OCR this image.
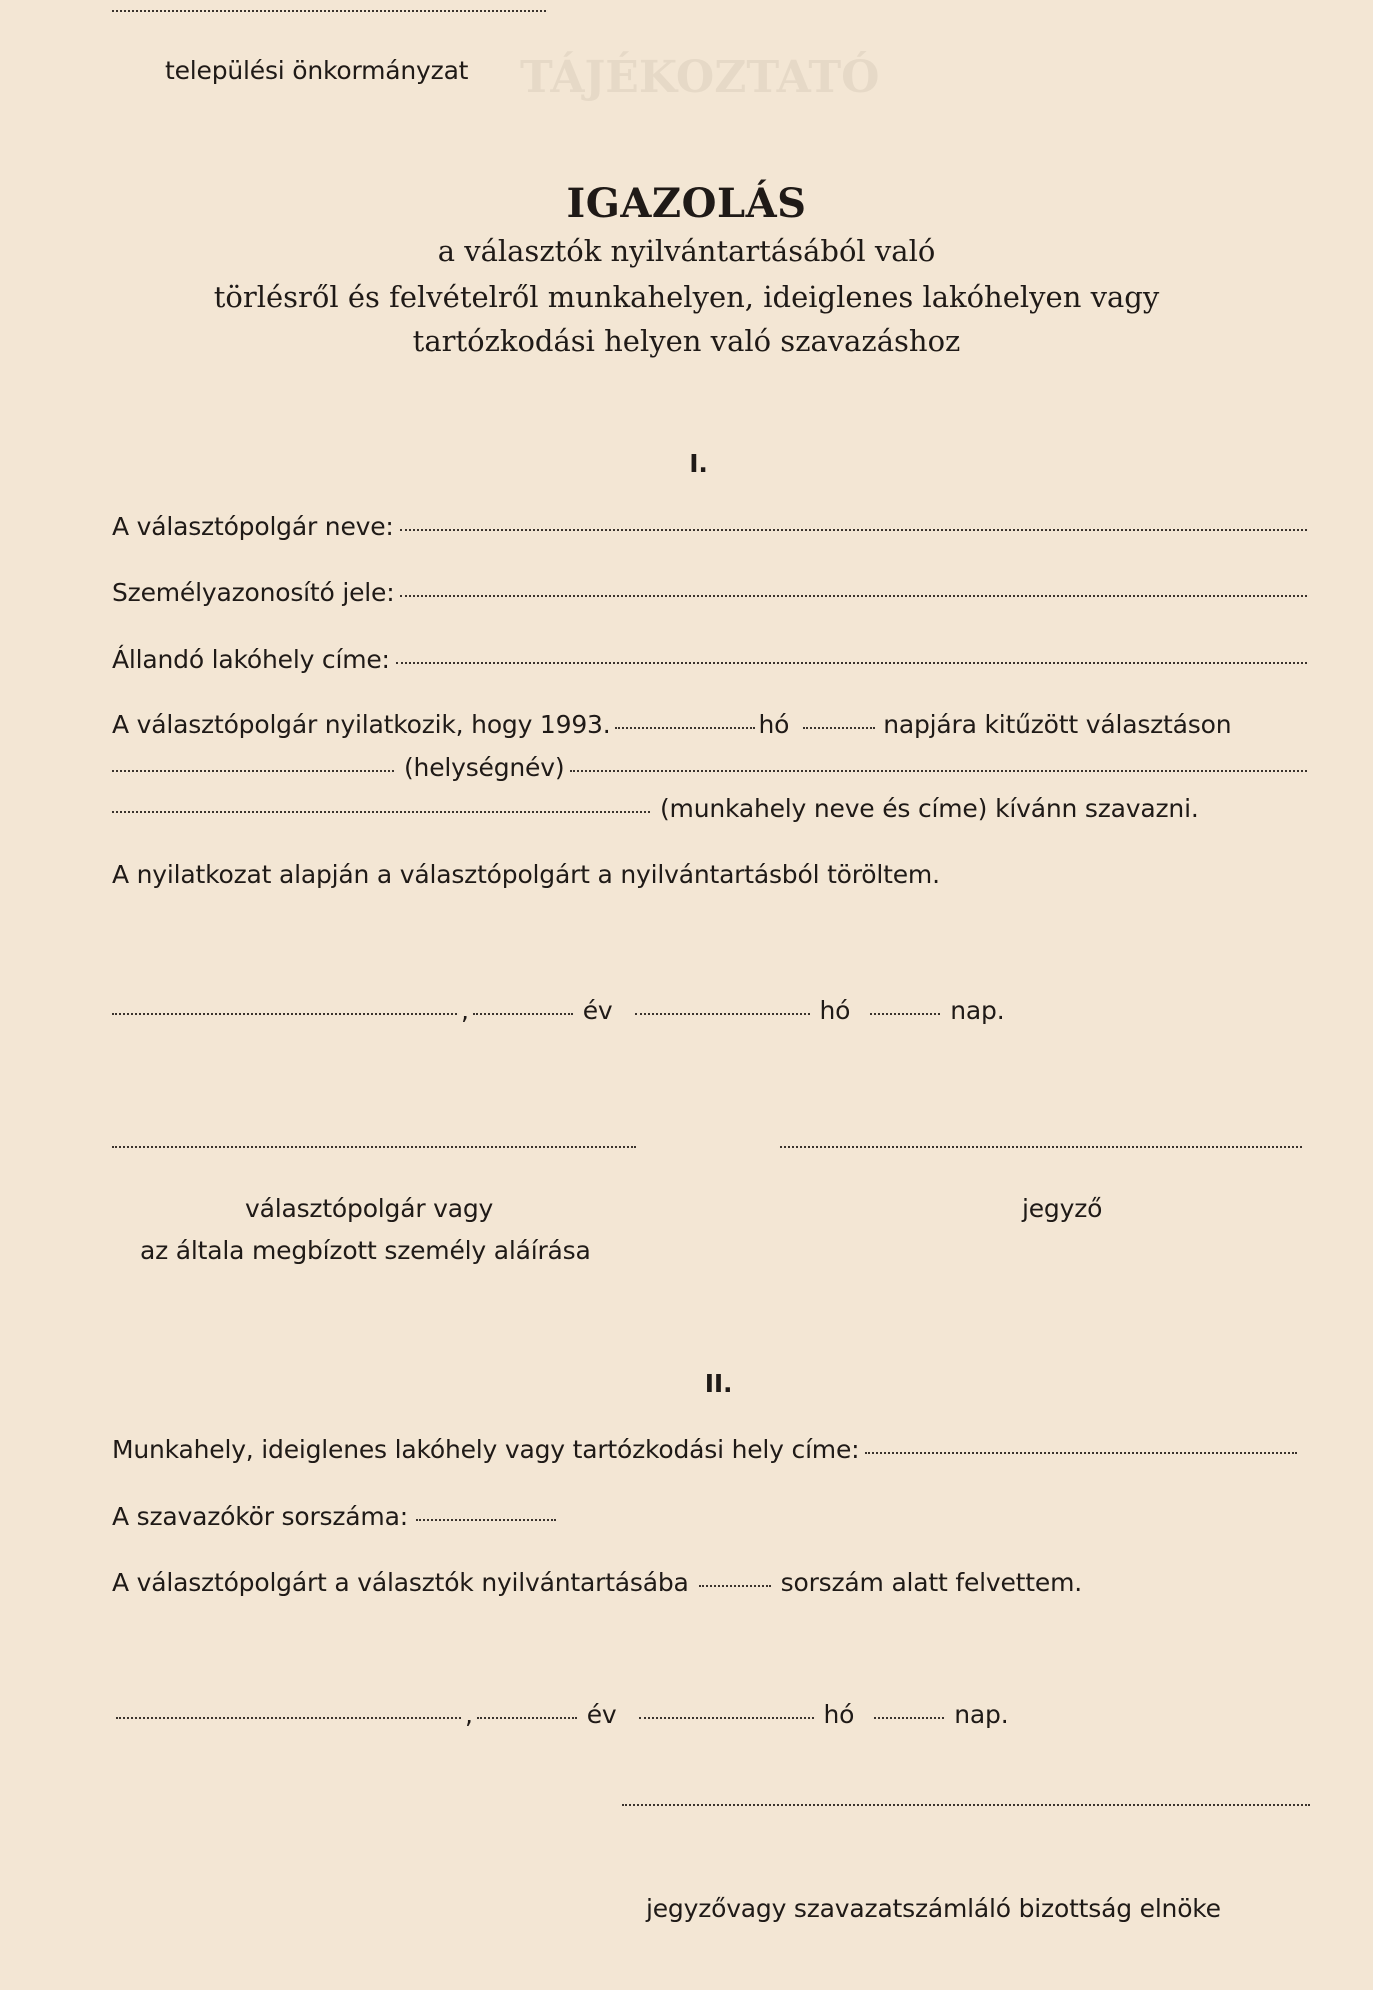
TÁJÉKOZTATÓ
települési önkormányzat
IGAZOLÁS
a választók nyilvántartásából való
törlésről és felvételről munkahelyen, ideiglenes lakóhelyen vagy
tartózkodási helyen való szavazáshoz
I.
A választópolgár neve:
Személyazonosító jele:
Állandó lakóhely címe:
A választópolgár nyilatkozik, hogy 1993.	hó	napjára kitűzött választáson
(helységnév)
(munkahely neve és címe) kívánn szavazni.
A nyilatkozat alapján a választópolgárt a nyilvántartásból töröltem.
,	év	hó	nap.
választópolgár vagy
az általa megbízott személy aláírása
jegyző
II.
Munkahely, ideiglenes lakóhely vagy tartózkodási hely címe:
A szavazókör sorszáma:
A választópolgárt a választók nyilvántartásába	sorszám alatt felvettem.
,	év	hó	nap.
jegyzővagy szavazatszámláló bizottság elnöke
